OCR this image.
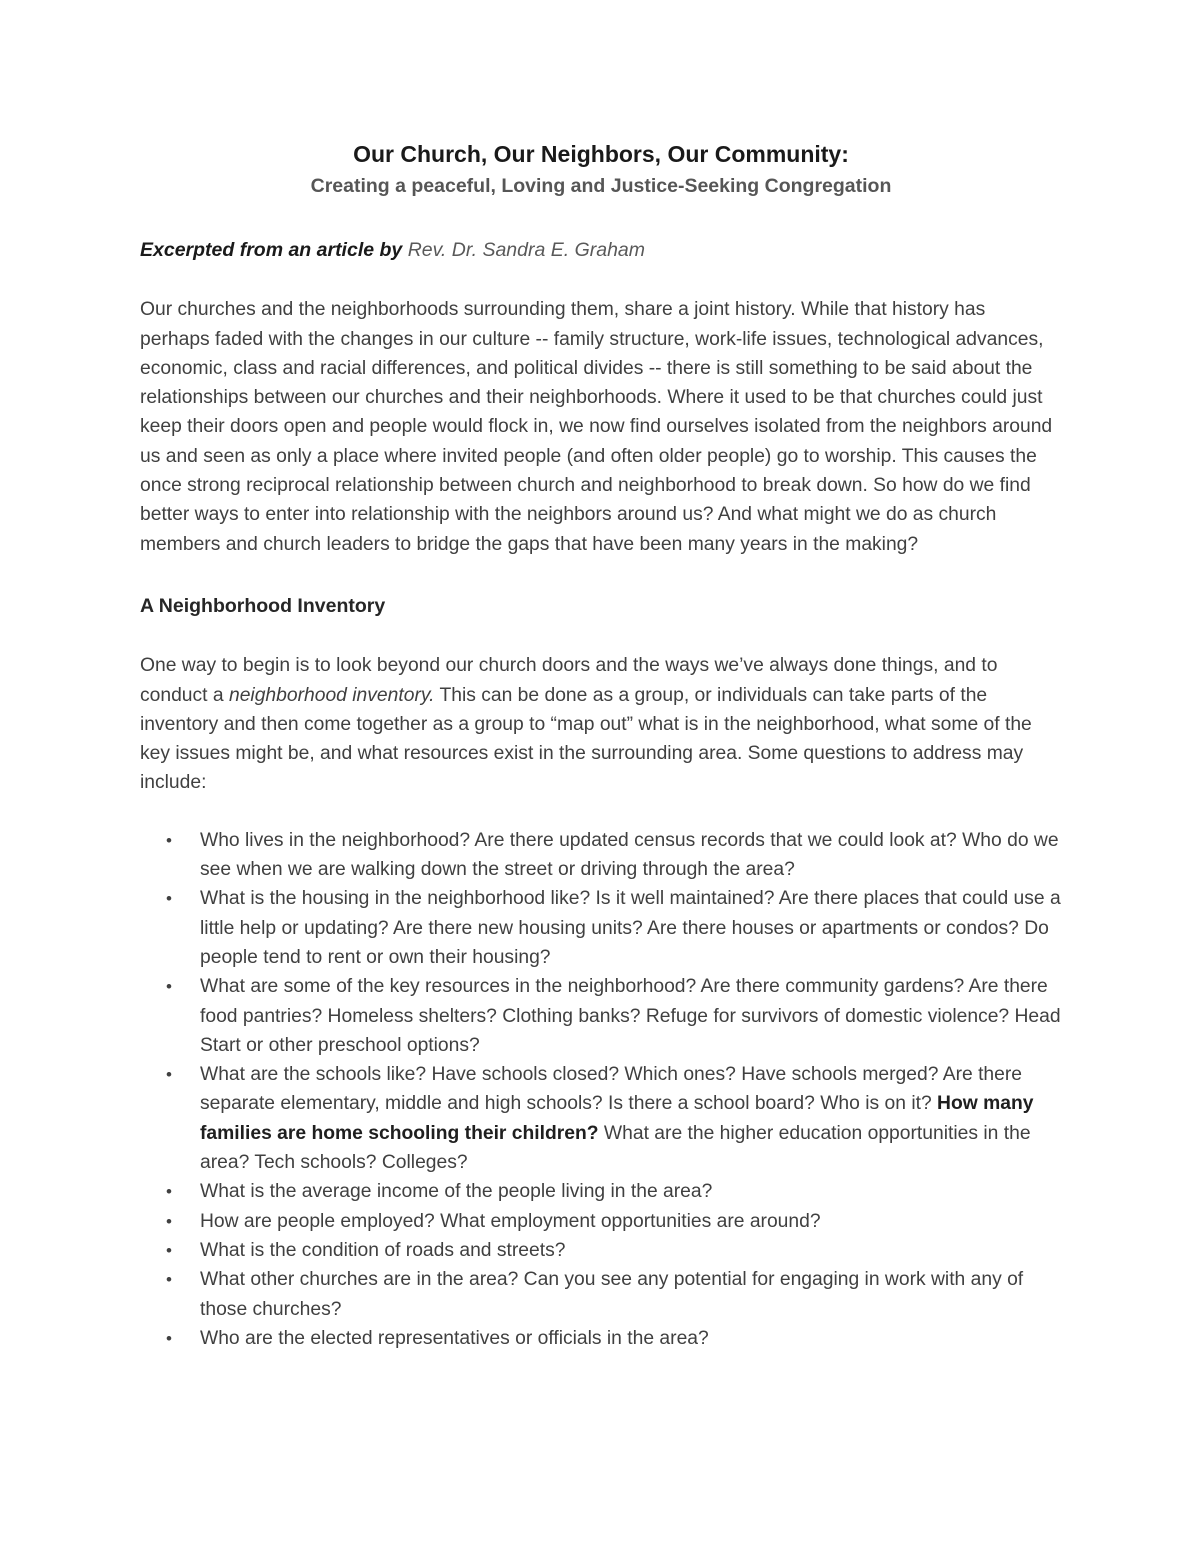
Our Church, Our Neighbors, Our Community:
Creating a peaceful, Loving and Justice-Seeking Congregation

Excerpted from an article by Rev. Dr. Sandra E. Graham

Our churches and the neighborhoods surrounding them, share a joint history. While that history has perhaps faded with the changes in our culture -- family structure, work-life issues, technological advances, economic, class and racial differences, and political divides -- there is still something to be said about the relationships between our churches and their neighborhoods. Where it used to be that churches could just keep their doors open and people would flock in, we now find ourselves isolated from the neighbors around us and seen as only a place where invited people (and often older people) go to worship. This causes the once strong reciprocal relationship between church and neighborhood to break down. So how do we find better ways to enter into relationship with the neighbors around us? And what might we do as church members and church leaders to bridge the gaps that have been many years in the making?

A Neighborhood Inventory

One way to begin is to look beyond our church doors and the ways we’ve always done things, and to conduct a neighborhood inventory. This can be done as a group, or individuals can take parts of the inventory and then come together as a group to “map out” what is in the neighborhood, what some of the key issues might be, and what resources exist in the surrounding area. Some questions to address may include:

• Who lives in the neighborhood? Are there updated census records that we could look at? Who do we see when we are walking down the street or driving through the area?
• What is the housing in the neighborhood like? Is it well maintained? Are there places that could use a little help or updating? Are there new housing units? Are there houses or apartments or condos? Do people tend to rent or own their housing?
• What are some of the key resources in the neighborhood? Are there community gardens? Are there food pantries? Homeless shelters? Clothing banks? Refuge for survivors of domestic violence? Head Start or other preschool options?
• What are the schools like? Have schools closed? Which ones? Have schools merged? Are there separate elementary, middle and high schools? Is there a school board? Who is on it? How many families are home schooling their children? What are the higher education opportunities in the area? Tech schools? Colleges?
• What is the average income of the people living in the area?
• How are people employed? What employment opportunities are around?
• What is the condition of roads and streets?
• What other churches are in the area? Can you see any potential for engaging in work with any of those churches?
• Who are the elected representatives or officials in the area?
